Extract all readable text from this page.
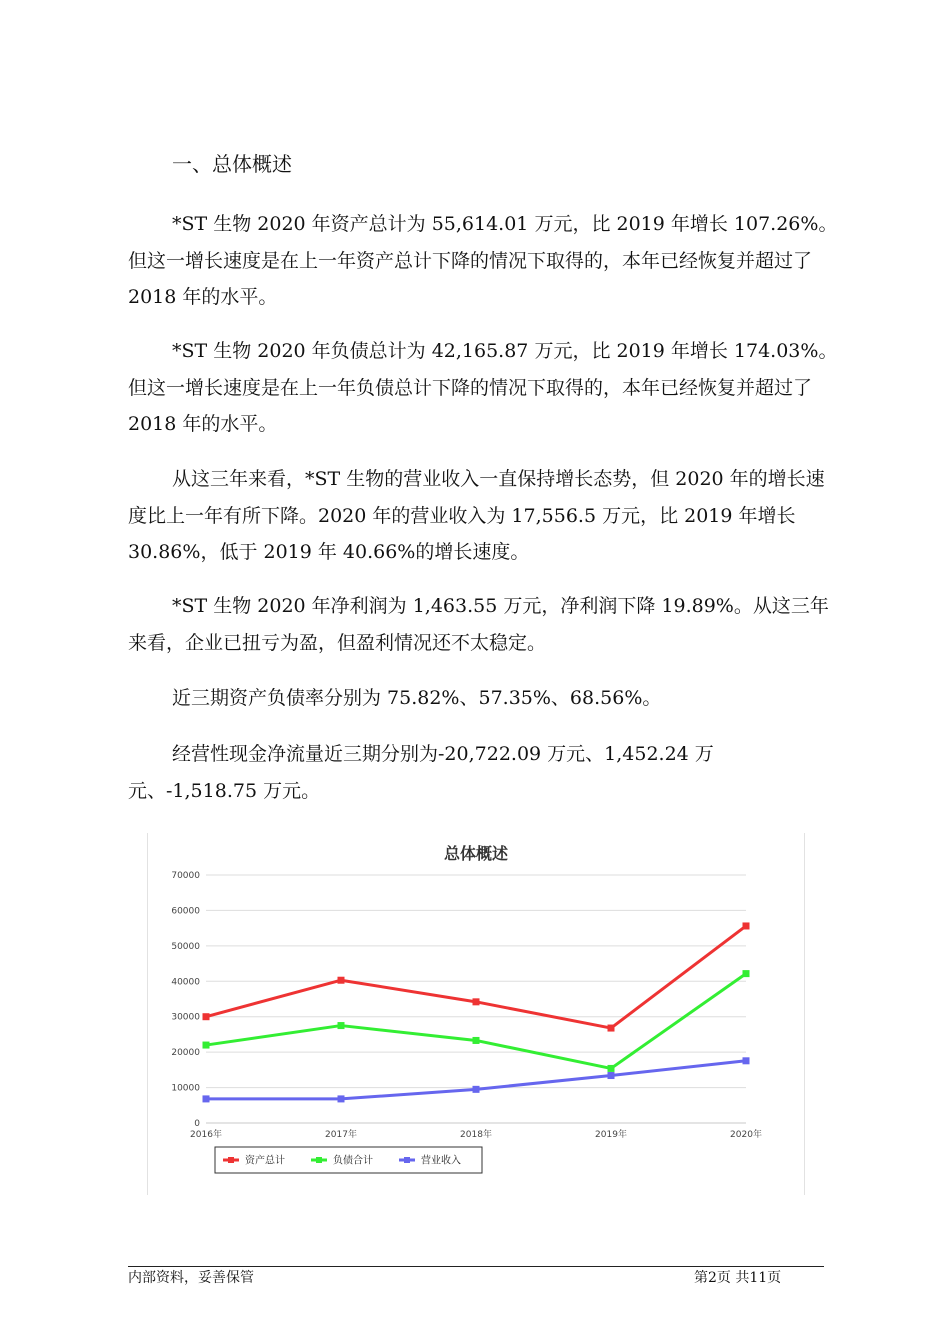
一、总体概述

*ST 生物 2020 年资产总计为 55,614.01 万元，比 2019 年增长 107.26%。但这一增长速度是在上一年资产总计下降的情况下取得的，本年已经恢复并超过了 2018 年的水平。

*ST 生物 2020 年负债总计为 42,165.87 万元，比 2019 年增长 174.03%。但这一增长速度是在上一年负债总计下降的情况下取得的，本年已经恢复并超过了 2018 年的水平。

从这三年来看，*ST 生物的营业收入一直保持增长态势，但 2020 年的增长速度比上一年有所下降。2020 年的营业收入为 17,556.5 万元，比 2019 年增长 30.86%，低于 2019 年 40.66%的增长速度。

*ST 生物 2020 年净利润为 1,463.55 万元，净利润下降 19.89%。从这三年来看，企业已扭亏为盈，但盈利情况还不太稳定。

近三期资产负债率分别为 75.82%、57.35%、68.56%。

经营性现金净流量近三期分别为-20,722.09 万元、1,452.24 万元、-1,518.75 万元。

总体概述
0
10000
20000
30000
40000
50000
60000
70000
2016年	2017年	2018年	2019年	2020年
资产总计	负债合计	营业收入
内部资料，妥善保管	第2页 共11页
